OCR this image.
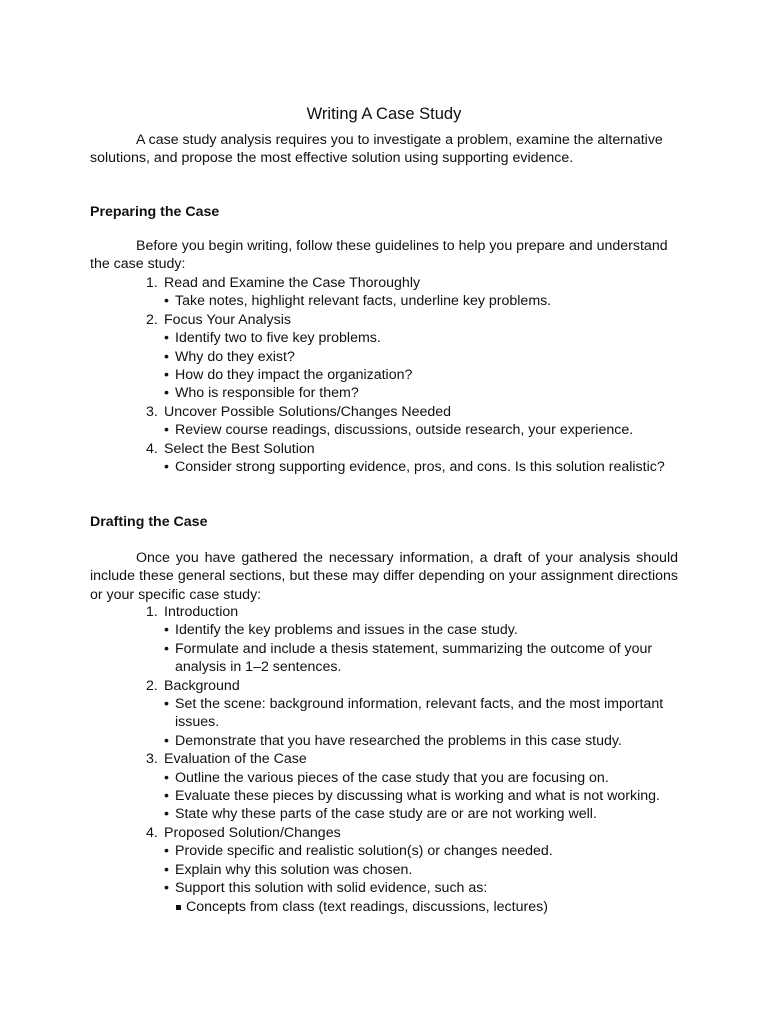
Writing A Case Study

A case study analysis requires you to investigate a problem, examine the alternative solutions, and propose the most effective solution using supporting evidence.

Preparing the Case

Before you begin writing, follow these guidelines to help you prepare and understand the case study:

1. Read and Examine the Case Thoroughly
• Take notes, highlight relevant facts, underline key problems.
2. Focus Your Analysis
• Identify two to five key problems.
• Why do they exist?
• How do they impact the organization?
• Who is responsible for them?
3. Uncover Possible Solutions/Changes Needed
• Review course readings, discussions, outside research, your experience.
4. Select the Best Solution
• Consider strong supporting evidence, pros, and cons. Is this solution realistic?
Drafting the Case

Once you have gathered the necessary information, a draft of your analysis should include these general sections, but these may differ depending on your assignment directions or your specific case study:

1. Introduction
• Identify the key problems and issues in the case study.
• Formulate and include a thesis statement, summarizing the outcome of your analysis in 1–2 sentences.
2. Background
• Set the scene: background information, relevant facts, and the most important issues.
• Demonstrate that you have researched the problems in this case study.
3. Evaluation of the Case
• Outline the various pieces of the case study that you are focusing on.
• Evaluate these pieces by discussing what is working and what is not working.
• State why these parts of the case study are or are not working well.
4. Proposed Solution/Changes
• Provide specific and realistic solution(s) or changes needed.
• Explain why this solution was chosen.
• Support this solution with solid evidence, such as:
Concepts from class (text readings, discussions, lectures)
